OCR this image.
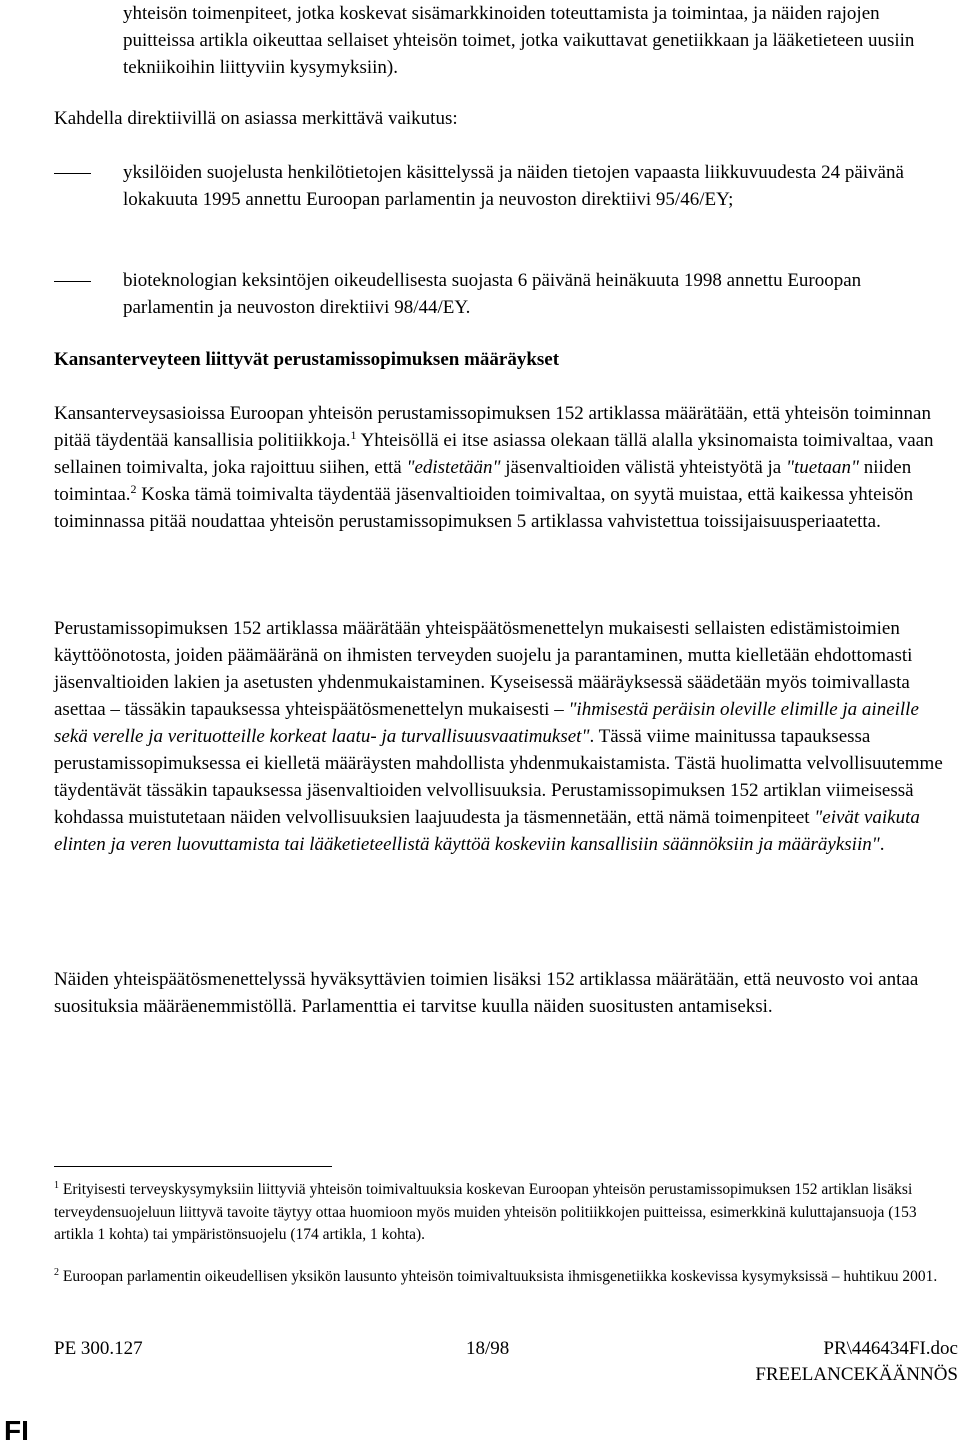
yhteisön toimenpiteet, jotka koskevat sisämarkkinoiden toteuttamista ja toimintaa, ja näiden rajojen puitteissa artikla oikeuttaa sellaiset yhteisön toimet, jotka vaikuttavat genetiikkaan ja lääketieteen uusiin tekniikoihin liittyviin kysymyksiin).

Kahdella direktiivillä on asiassa merkittävä vaikutus:

yksilöiden suojelusta henkilötietojen käsittelyssä ja näiden tietojen vapaasta liikkuvuudesta 24 päivänä lokakuuta 1995 annettu Euroopan parlamentin ja neuvoston direktiivi 95/46/EY;

bioteknologian keksintöjen oikeudellisesta suojasta 6 päivänä heinäkuuta 1998 annettu Euroopan parlamentin ja neuvoston direktiivi 98/44/EY.

Kansanterveyteen liittyvät perustamissopimuksen määräykset

Kansanterveysasioissa Euroopan yhteisön perustamissopimuksen 152 artiklassa määrätään, että yhteisön toiminnan pitää täydentää kansallisia politiikkoja.$^1$ Yhteisöllä ei itse asiassa olekaan tällä alalla yksinomaista toimivaltaa, vaan sellainen toimivalta, joka rajoittuu siihen, että "edistetään" jäsenvaltioiden välistä yhteistyötä ja "tuetaan" niiden toimintaa.$^2$ Koska tämä toimivalta täydentää jäsenvaltioiden toimivaltaa, on syytä muistaa, että kaikessa yhteisön toiminnassa pitää noudattaa yhteisön perustamissopimuksen 5 artiklassa vahvistettua toissijaisuusperiaatetta.

Perustamissopimuksen 152 artiklassa määrätään yhteispäätösmenettelyn mukaisesti sellaisten edistämistoimien käyttöönotosta, joiden päämääränä on ihmisten terveyden suojelu ja parantaminen, mutta kielletään ehdottomasti jäsenvaltioiden lakien ja asetusten yhdenmukaistaminen. Kyseisessä määräyksessä säädetään myös toimivallasta asettaa – tässäkin tapauksessa yhteispäätösmenettelyn mukaisesti – "ihmisestä peräisin oleville elimille ja aineille sekä verelle ja verituotteille korkeat laatu- ja turvallisuusvaatimukset". Tässä viime mainitussa tapauksessa perustamissopimuksessa ei kielletä määräysten mahdollista yhdenmukaistamista. Tästä huolimatta velvollisuutemme täydentävät tässäkin tapauksessa jäsenvaltioiden velvollisuuksia. Perustamissopimuksen 152 artiklan viimeisessä kohdassa muistutetaan näiden velvollisuuksien laajuudesta ja täsmennetään, että nämä toimenpiteet "eivät vaikuta elinten ja veren luovuttamista tai lääketieteellistä käyttöä koskeviin kansallisiin säännöksiin ja määräyksiin".

Näiden yhteispäätösmenettelyssä hyväksyttävien toimien lisäksi 152 artiklassa määrätään, että neuvosto voi antaa suosituksia määräenemmistöllä. Parlamenttia ei tarvitse kuulla näiden suositusten antamiseksi.

$^1$ Erityisesti terveyskysymyksiin liittyviä yhteisön toimivaltuuksia koskevan Euroopan yhteisön perustamissopimuksen 152 artiklan lisäksi terveydensuojeluun liittyvä tavoite täytyy ottaa huomioon myös muiden yhteisön politiikkojen puitteissa, esimerkkinä kuluttajansuoja (153 artikla 1 kohta) tai ympäristönsuojelu (174 artikla, 1 kohta).
$^2$ Euroopan parlamentin oikeudellisen yksikön lausunto yhteisön toimivaltuuksista ihmisgenetiikka koskevissa kysymyksissä – huhtikuu 2001.
PE 300.127	18/98	PR\446434FI.doc
FREELANCEKÄÄNNÖS
FI
